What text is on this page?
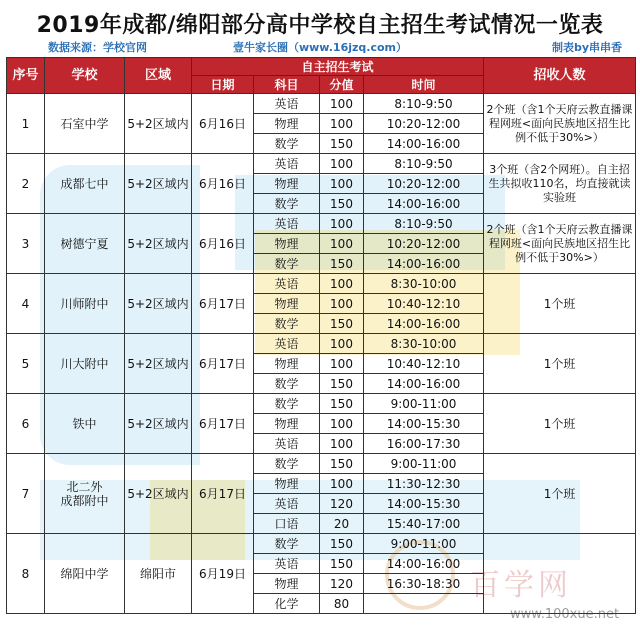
百学网
www.100xue.net
2019年成都/绵阳部分高中学校自主招生考试情况一览表
数据来源：学校官网	壹牛家长圈（www.16jzq.com）	制表by串串香
序号	学校	区域	自主招生考试				招收人数
			日期	科目	分值	时间	
1	石室中学	5+2区域内	6月16日	英语	100	8:10-9:50	2个班（含1个天府云教直播课程网班<面向民族地区招生比例不低于30%>）
				物理	100	10:20-12:00	
				数学	150	14:00-16:00	
2	成都七中	5+2区域内	6月16日	英语	100	8:10-9:50	3个班（含2个网班）。自主招生共拟收110名，均直接就读实验班
				物理	100	10:20-12:00	
				数学	150	14:00-16:00	
3	树德宁夏	5+2区域内	6月16日	英语	100	8:10-9:50	2个班（含1个天府云教直播课程网班<面向民族地区招生比例不低于30%>）
				物理	100	10:20-12:00	
				数学	150	14:00-16:00	
4	川师附中	5+2区域内	6月17日	英语	100	8:30-10:00	1个班
				物理	100	10:40-12:10	
				数学	150	14:00-16:00	
5	川大附中	5+2区域内	6月17日	英语	100	8:30-10:00	1个班
				物理	100	10:40-12:10	
				数学	150	14:00-16:00	
6	铁中	5+2区域内	6月17日	数学	150	9:00-11:00	1个班
				物理	100	14:00-15:30	
				英语	100	16:00-17:30	
7	北二外
成都附中	5+2区域内	6月17日	数学	150	9:00-11:00	1个班
				物理	100	11:30-12:30	
				英语	120	14:00-15:30	
				口语	20	15:40-17:00	
8	绵阳中学	绵阳市	6月19日	数学	150	9:00-11:00	
				英语	150	14:00-16:00	
				物理	120	16:30-18:30	
				化学	80		
